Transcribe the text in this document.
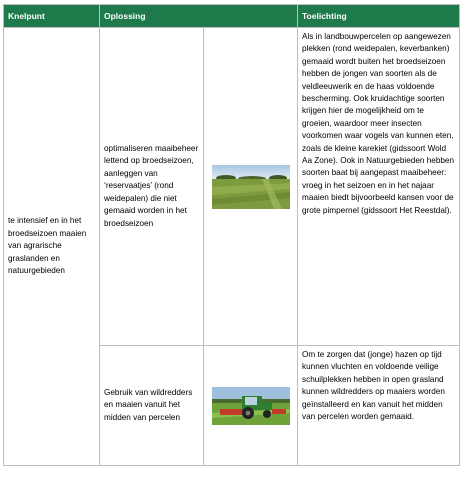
Knelpunt	Oplossing		Toelichting
te intensief en in het broedseizoen maaien van agrarische graslanden en natuurgebieden	optimaliseren maaibeheer lettend op broedseizoen, aanleggen van ‘reservaatjes’ (rond weidepalen) die niet gemaaid worden in het broedseizoen		Als in landbouwpercelen op aangewezen plekken (rond weidepalen, keverbanken) gemaaid wordt buiten het broedseizoen hebben de jongen van soorten als de veldleeuwerik en de haas voldoende bescherming. Ook kruidachtige soorten krijgen hier de mogelijkheid om te groeien, waardoor meer insecten voorkomen waar vogels van kunnen eten, zoals de kleine karekiet (gidssoort Wold Aa Zone). Ook in Natuurgebieden hebben soorten baat bij aangepast maaibeheer: vroeg in het seizoen en in het najaar maaien biedt bijvoorbeeld kansen voor de grote pimpernel (gidssoort Het Reestdal).
	Gebruik van wildredders en maaien vanuit het midden van percelen		Om te zorgen dat (jonge) hazen op tijd kunnen vluchten en voldoende veilige schuilplekken hebben in open grasland kunnen wildredders op maaiers worden geïnstalleerd en kan vanuit het midden van percelen worden gemaaid.
